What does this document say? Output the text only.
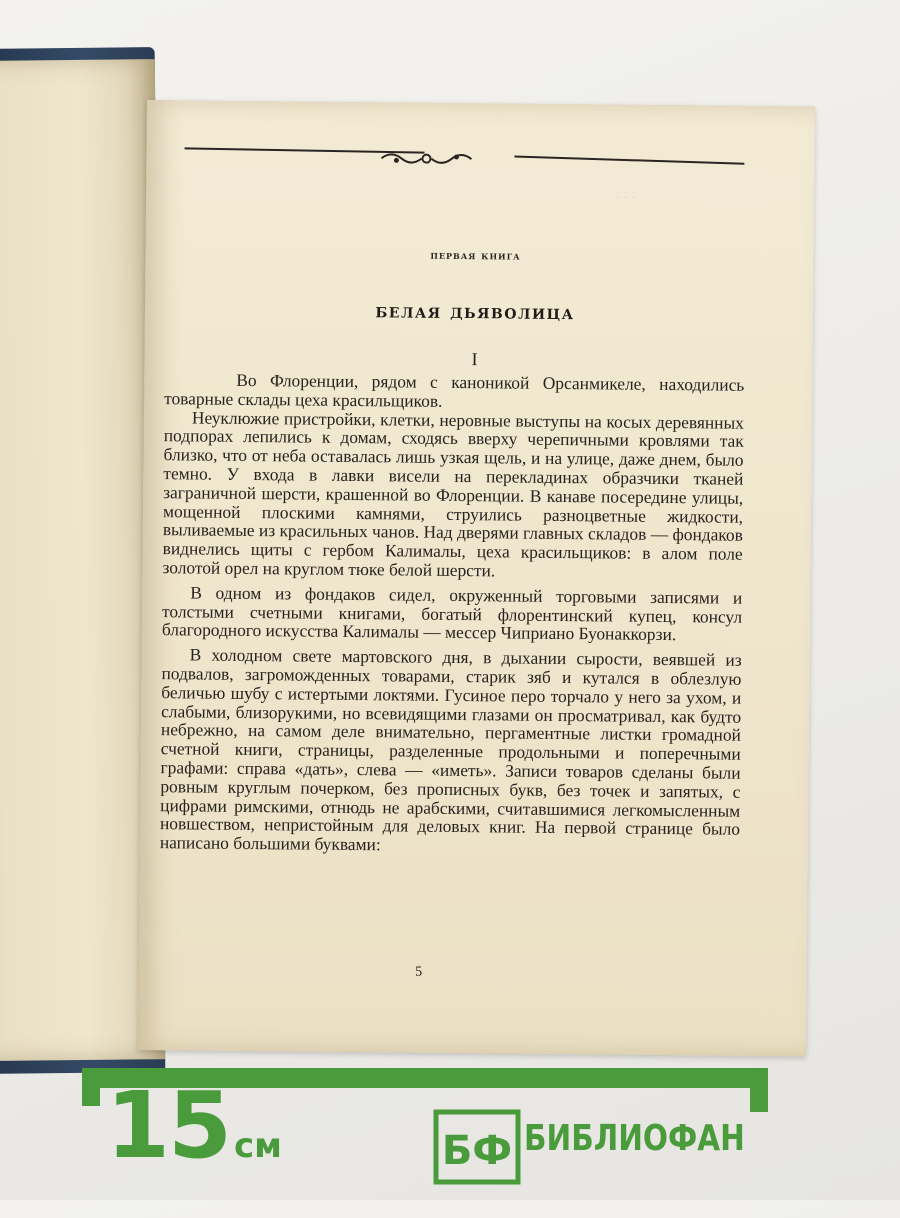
· · ·
первая книга
белая дьяволица
I

Во Флоренции, рядом с каноникой Орсанмикеле, находились товарные склады цеха красильщиков.

Неуклюжие пристройки, клетки, неровные выступы на косых деревянных подпорах лепились к домам, сходясь вверху черепичными кровлями так близко, что от неба оставалась лишь узкая щель, и на улице, даже днем, было темно. У входа в лавки висели на перекладинах образчики тканей заграничной шерсти, крашенной во Флоренции. В канаве посередине улицы, мощенной плоскими камнями, струились разноцветные жидкости, выливаемые из красильных чанов. Над дверями главных складов — фондаков виднелись щиты с гербом Калималы, цеха красильщиков: в алом поле золотой орел на круглом тюке белой шерсти.

В одном из фондаков сидел, окруженный торговыми записями и толстыми счетными книгами, богатый флорентинский купец, консул благородного искусства Калималы — мессер Чиприано Буонаккорзи.

В холодном свете мартовского дня, в дыхании сырости, веявшей из подвалов, загроможденных товарами, старик зяб и кутался в облезлую беличью шубу с истертыми локтями. Гусиное перо торчало у него за ухом, и слабыми, близорукими, но всевидящими глазами он просматривал, как будто небрежно, на самом деле внимательно, пергаментные листки громадной счетной книги, страницы, разделенные продольными и поперечными графами: справа «дать», слева — «иметь». Записи товаров сделаны были ровным круглым почерком, без прописных букв, без точек и запятых, с цифрами римскими, отнюдь не арабскими, считавшимися легкомысленным новшеством, непристойным для деловых книг. На первой странице было написано большими буквами:

5
15 см	БФ БИБЛИОФАН
